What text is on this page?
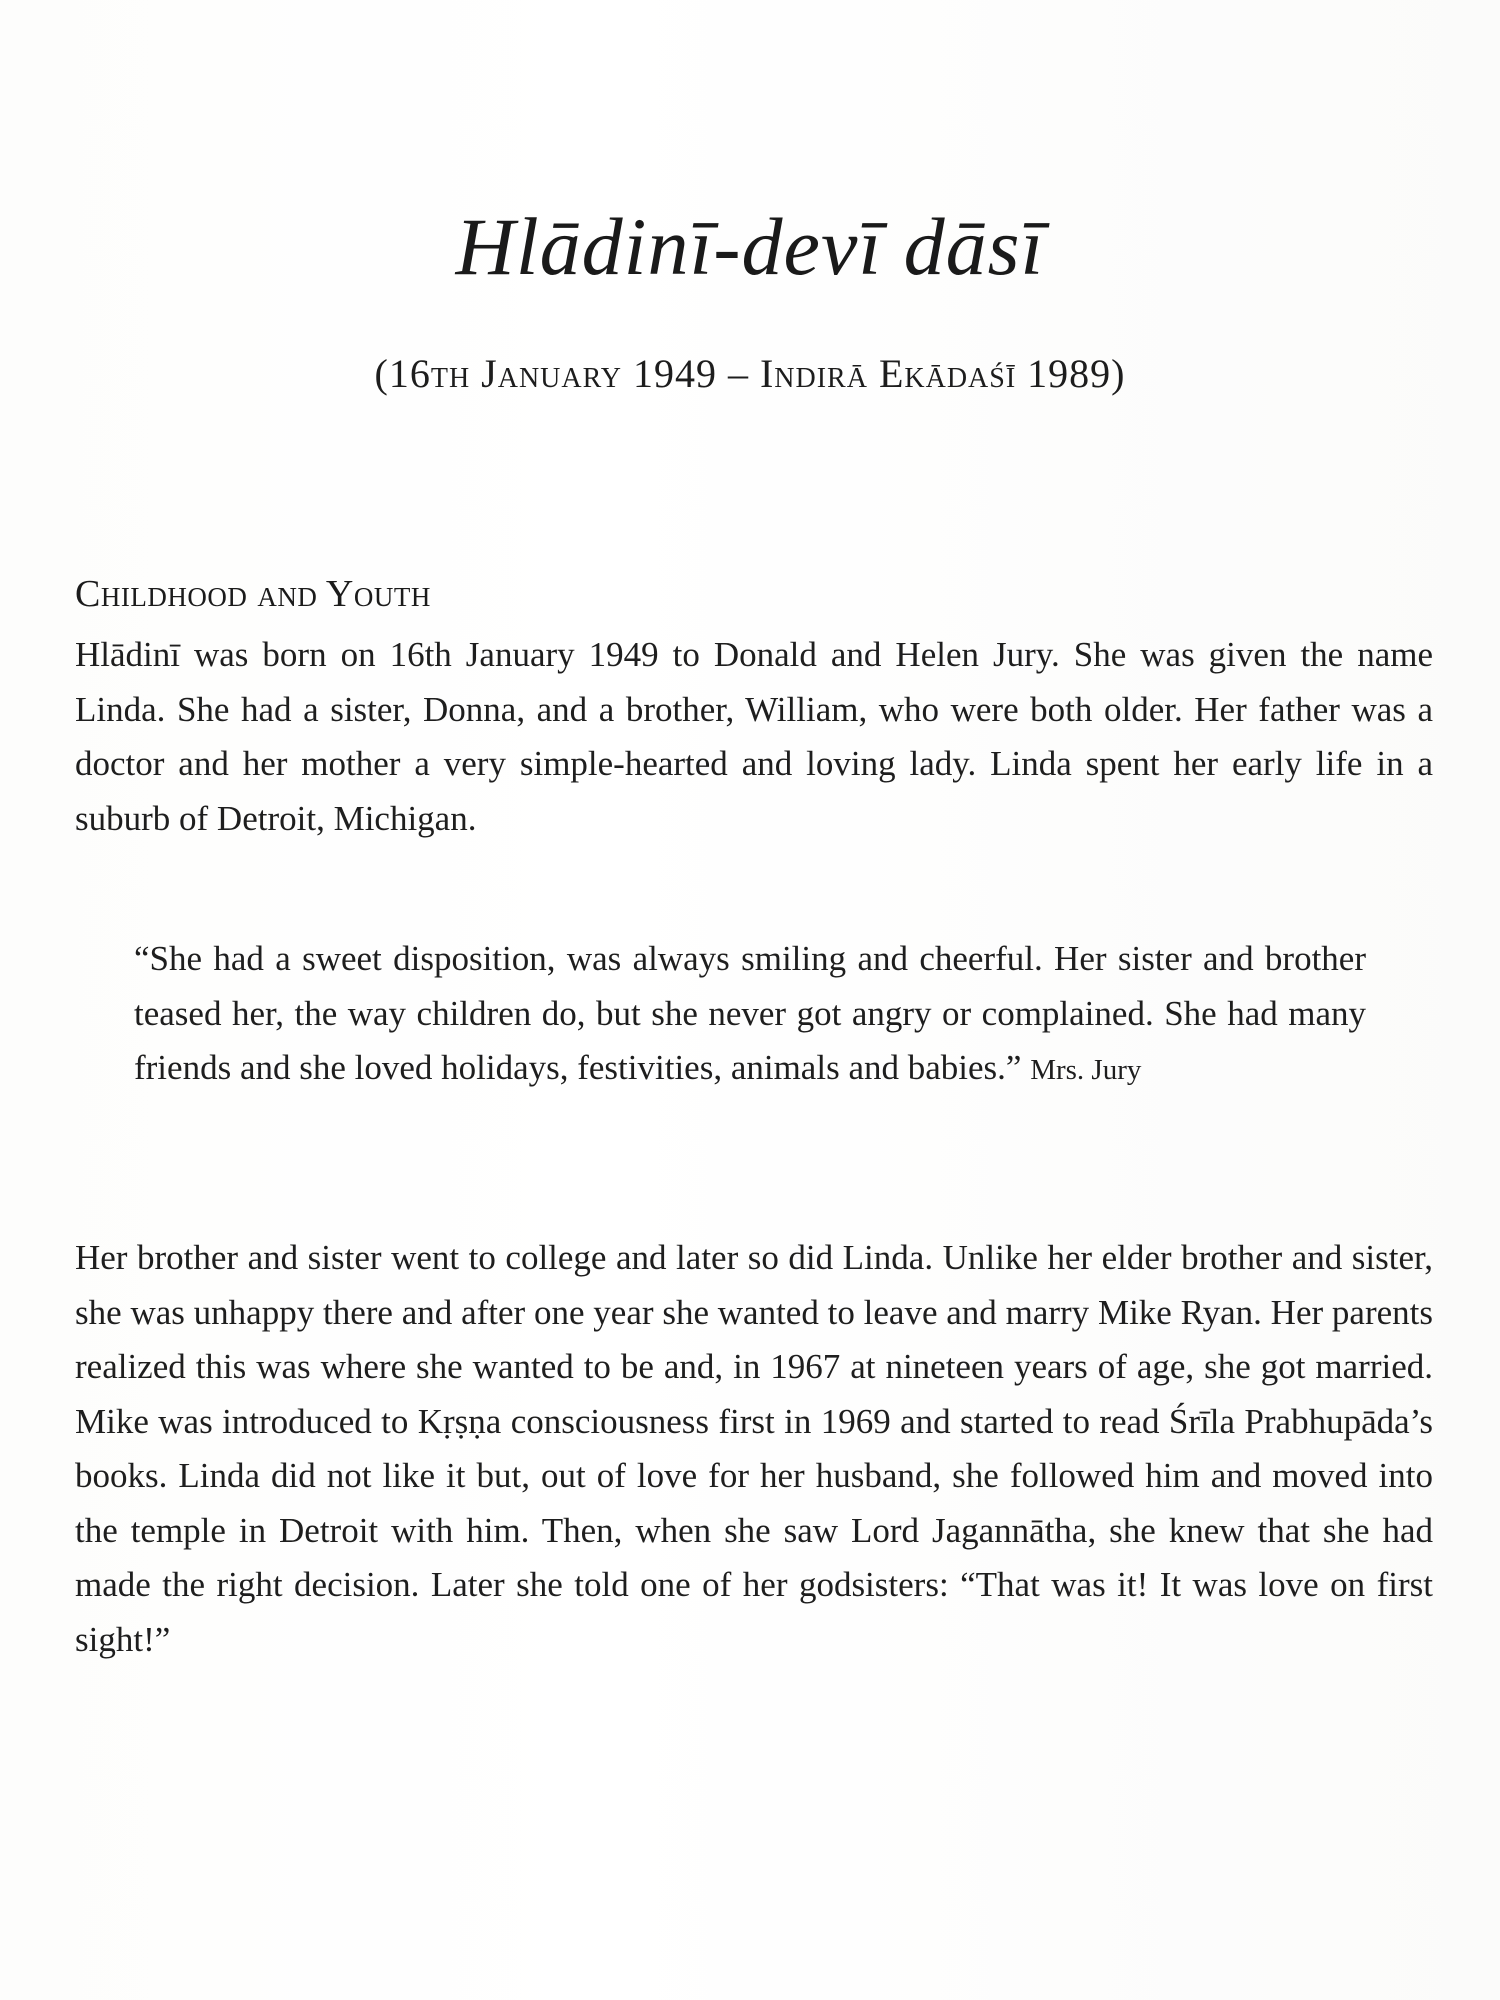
Hlādinī-devī dāsī
(16th January 1949 – Indirā Ekādaśī 1989)
Childhood and Youth

Hlādinī was born on 16th January 1949 to Donald and Helen Jury. She was given the name Linda. She had a sister, Donna, and a brother, William, who were both older. Her father was a doctor and her mother a very simple-hearted and loving lady. Linda spent her early life in a suburb of Detroit, Michigan.

“She had a sweet disposition, was always smiling and cheerful. Her sister and brother teased her, the way children do, but she never got angry or complained. She had many friends and she loved holidays, festivities, animals and babies.” Mrs. Jury

Her brother and sister went to college and later so did Linda. Unlike her elder brother and sister, she was unhappy there and after one year she wanted to leave and marry Mike Ryan. Her parents realized this was where she wanted to be and, in 1967 at nineteen years of age, she got married. Mike was introduced to Kṛṣṇa consciousness first in 1969 and started to read Śrīla Prabhupāda’s books. Linda did not like it but, out of love for her husband, she followed him and moved into the temple in Detroit with him. Then, when she saw Lord Jagannātha, she knew that she had made the right decision. Later she told one of her godsisters: “That was it! It was love on first sight!”
